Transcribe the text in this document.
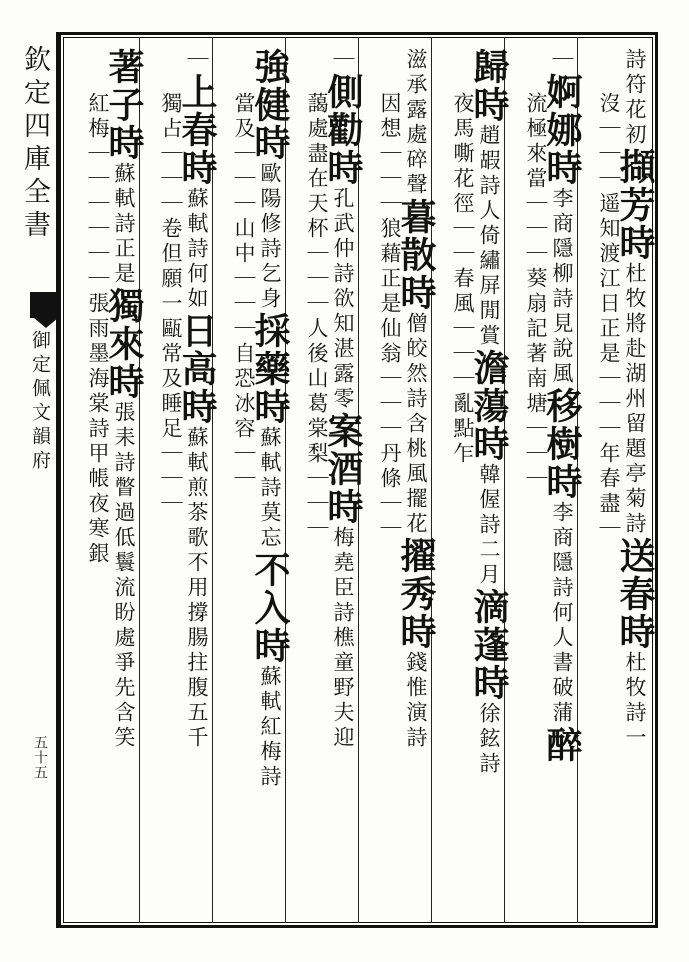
欽定四庫全書
御定佩文韻府
五十五
詩符花初擷芳時杜牧將赴湖州留題亭菊詩送春時杜牧詩一
沒｜｜｜遥知渡江日正是｜｜｜年春盡｜
｜婀娜時李商隱柳詩見說風移樹時李商隱詩何人書破蒲醉
流極來當｜｜｜葵扇記著南塘｜｜｜
歸時趙嘏詩人倚繡屏閒賞澹蕩時韓偓詩二月滴蓬時徐鉉詩
夜馬嘶花徑｜｜春風｜｜｜亂點乍
滋承露處碎聲暮散時僧皎然詩含桃風擺花擢秀時錢惟演詩
因想｜｜｜狼藉正是仙翁｜｜｜丹條｜｜
｜側勸時孔武仲詩欲知湛露零案酒時梅堯臣詩樵童野夫迎
藹處盡在天杯｜｜｜人後山葛棠梨｜｜｜
強健時歐陽修詩乞身採藥時蘇軾詩莫忘不入時蘇軾紅梅詩
當及｜｜｜山中｜｜｜自恐冰容｜｜
｜上春時蘇軾詩何如日高時蘇軾煎茶歌不用撐腸拄腹五千
獨占｜｜｜卷但願一甌常及睡足｜｜｜
著子時蘇軾詩正是獨來時張耒詩瞥過低鬟流盼處爭先含笑
紅梅｜｜｜｜｜｜張雨墨海棠詩甲帳夜寒銀
